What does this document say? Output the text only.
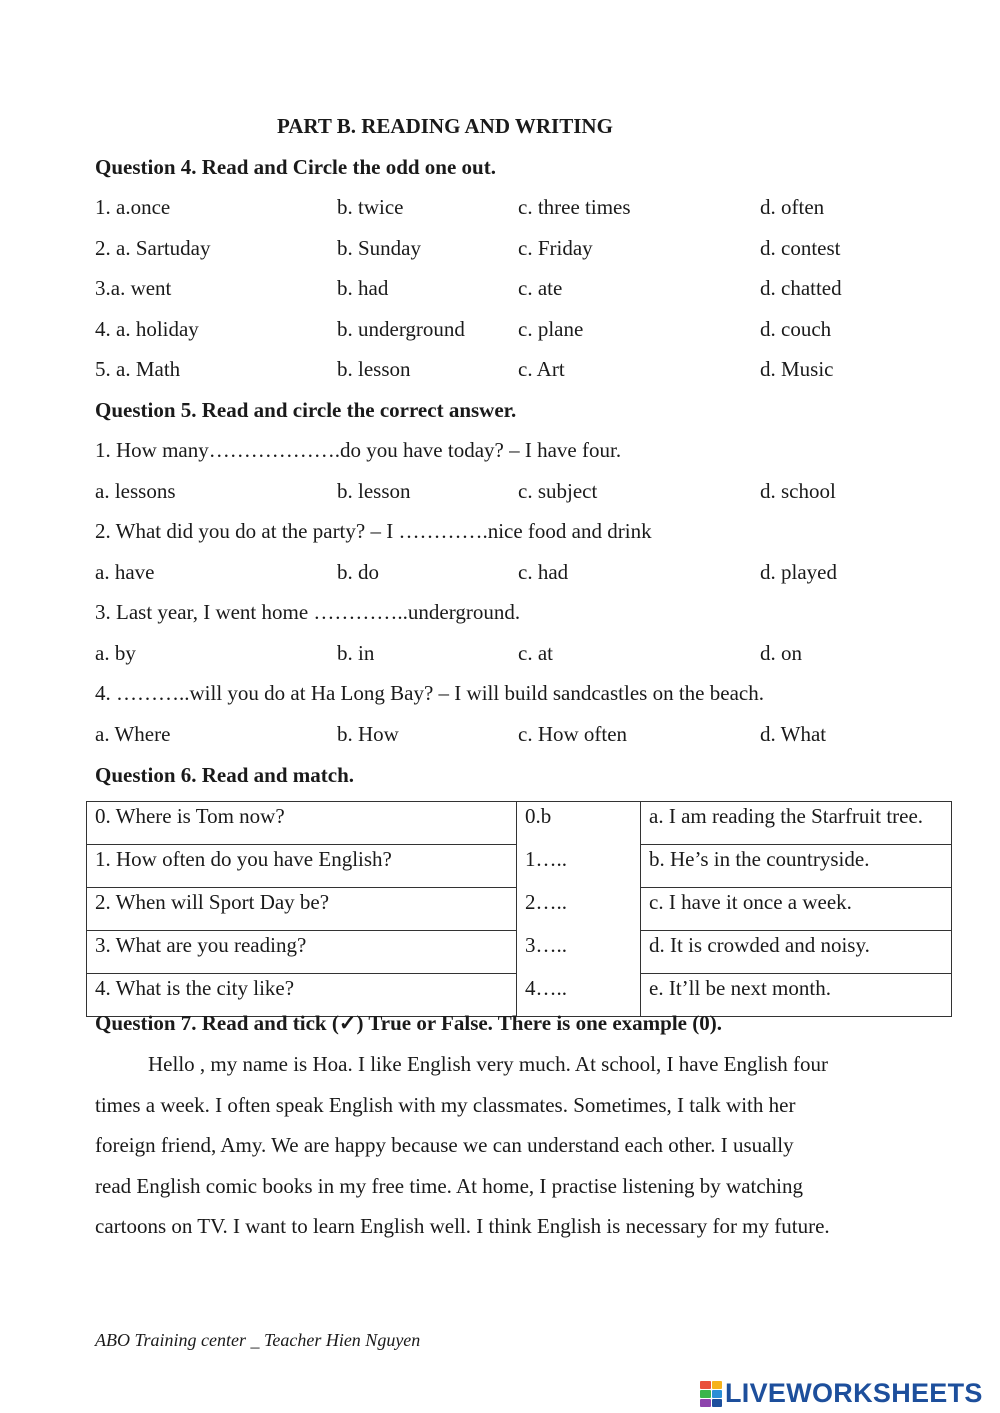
PART B. READING AND WRITING
Question 4. Read and Circle the odd one out.
1. a.once	b. twice	c. three times	d. often
2. a. Sartuday	b. Sunday	c. Friday	d. contest
3.a. went	b. had	c. ate	d. chatted
4. a. holiday	b. underground	c. plane	d. couch
5. a. Math	b. lesson	c. Art	d. Music
Question 5. Read and circle the correct answer.
1. How many……………….do you have today? – I have four.
a. lessons	b. lesson	c. subject	d. school
2. What did you do at the party? – I ………….nice food and drink
a. have	b. do	c. had	d. played
3. Last year, I went home …………..underground.
a. by	b. in	c. at	d. on
4. ………..will you do at Ha Long Bay? – I will build sandcastles on the beach.
a. Where	b. How	c. How often	d. What
Question 6. Read and match.
0. Where is Tom now?	0.b	a. I am reading the Starfruit tree.
1. How often do you have English?	1…..	b. He’s in the countryside.
2. When will Sport Day be?	2…..	c. I have it once a week.
3. What are you reading?	3…..	d. It is crowded and noisy.
4. What is the city like?	4…..	e. It’ll be next month.
Question 7. Read and tick (✓) True or False. There is one example (0).
Hello , my name is Hoa. I like English very much. At school, I have English four
times a week. I often speak English with my classmates. Sometimes, I talk with her
foreign friend, Amy. We are happy because we can understand each other. I usually
read English comic books in my free time. At home, I practise listening by watching
cartoons on TV. I want to learn English well. I think English is necessary for my future.
ABO Training center _ Teacher Hien Nguyen
LIVEWORKSHEETS
